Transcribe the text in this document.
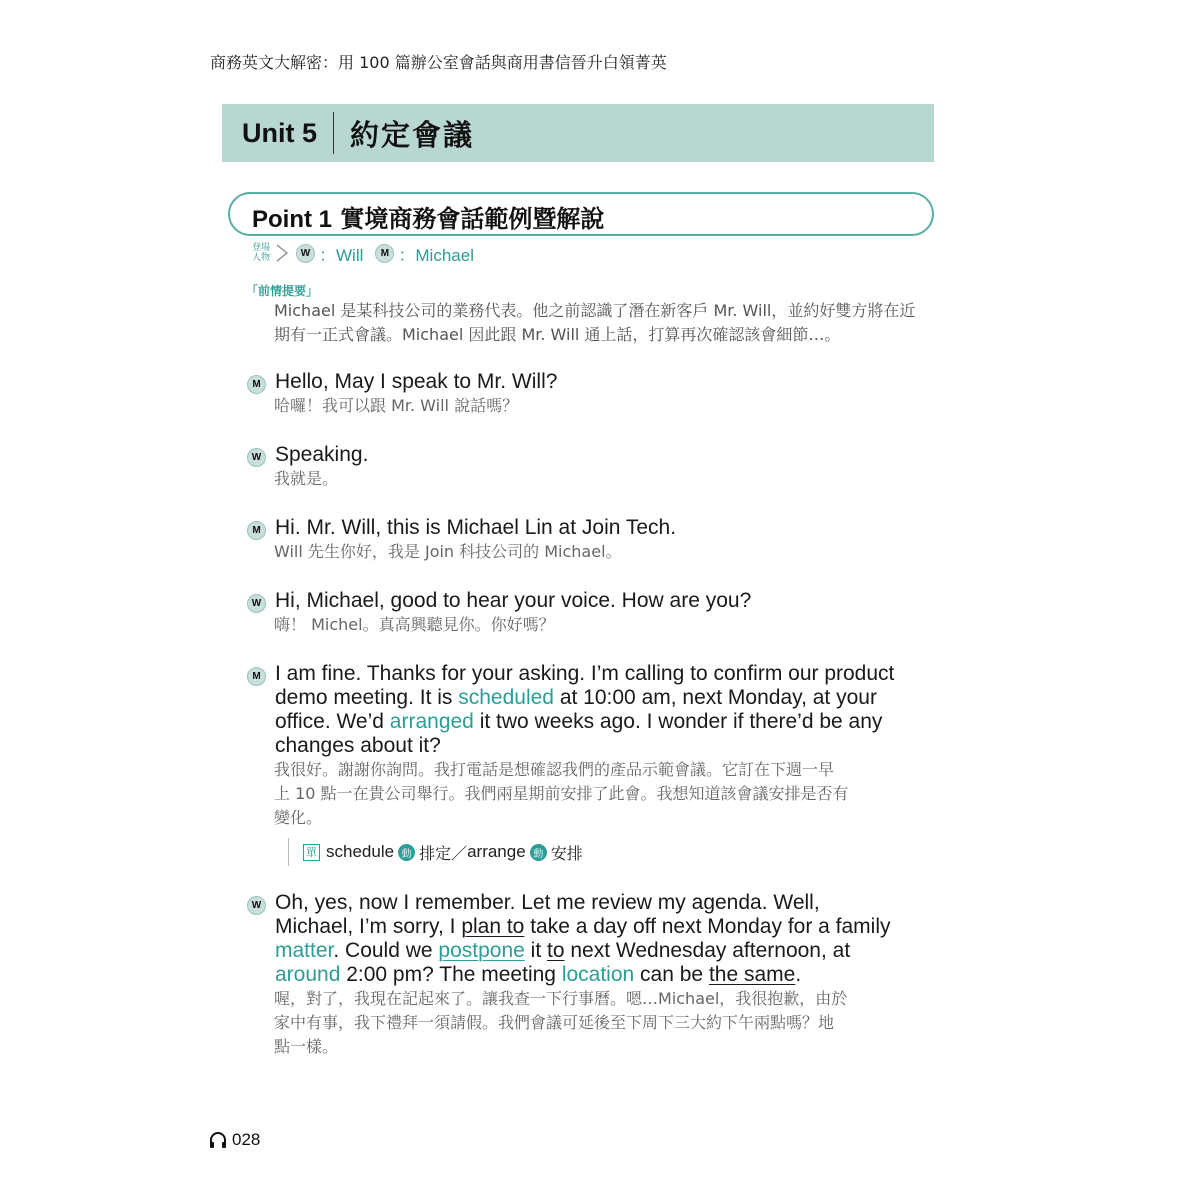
商務英文大解密：用 100 篇辦公室會話與商用書信晉升白領菁英
Unit 5 約定會議
Point 1 實境商務會話範例暨解說
登場
人物	W ：Will	M ：Michael
「前情提要」
Michael 是某科技公司的業務代表。他之前認識了潛在新客戶 Mr. Will，並約好雙方將在近
期有一正式會議。Michael 因此跟 Mr. Will 通上話，打算再次確認該會細節…。
M Hello, May I speak to Mr. Will?
哈囉！我可以跟 Mr. Will 說話嗎？
W Speaking.
我就是。
M Hi. Mr. Will, this is Michael Lin at Join Tech.
Will 先生你好，我是 Join 科技公司的 Michael。
W Hi, Michael, good to hear your voice. How are you?
嗨！ Michel。真高興聽見你。你好嗎？
M I am fine. Thanks for your asking. I’m calling to confirm our product
demo meeting. It is scheduled at 10:00 am, next Monday, at your
office. We’d arranged it two weeks ago. I wonder if there’d be any
changes about it?
我很好。謝謝你詢問。我打電話是想確認我們的產品示範會議。它訂在下週一早
上 10 點一在貴公司舉行。我們兩星期前安排了此會。我想知道該會議安排是否有
變化。
單 schedule 動 排定／ arrange 動 安排
W Oh, yes, now I remember. Let me review my agenda. Well,
Michael, I’m sorry, I plan to take a day off next Monday for a family
matter. Could we postpone it to next Wednesday afternoon, at
around 2:00 pm? The meeting location can be the same.
喔，對了，我現在記起來了。讓我查一下行事曆。嗯…Michael，我很抱歉，由於
家中有事，我下禮拜一須請假。我們會議可延後至下周下三大約下午兩點嗎？地
點一樣。
028
